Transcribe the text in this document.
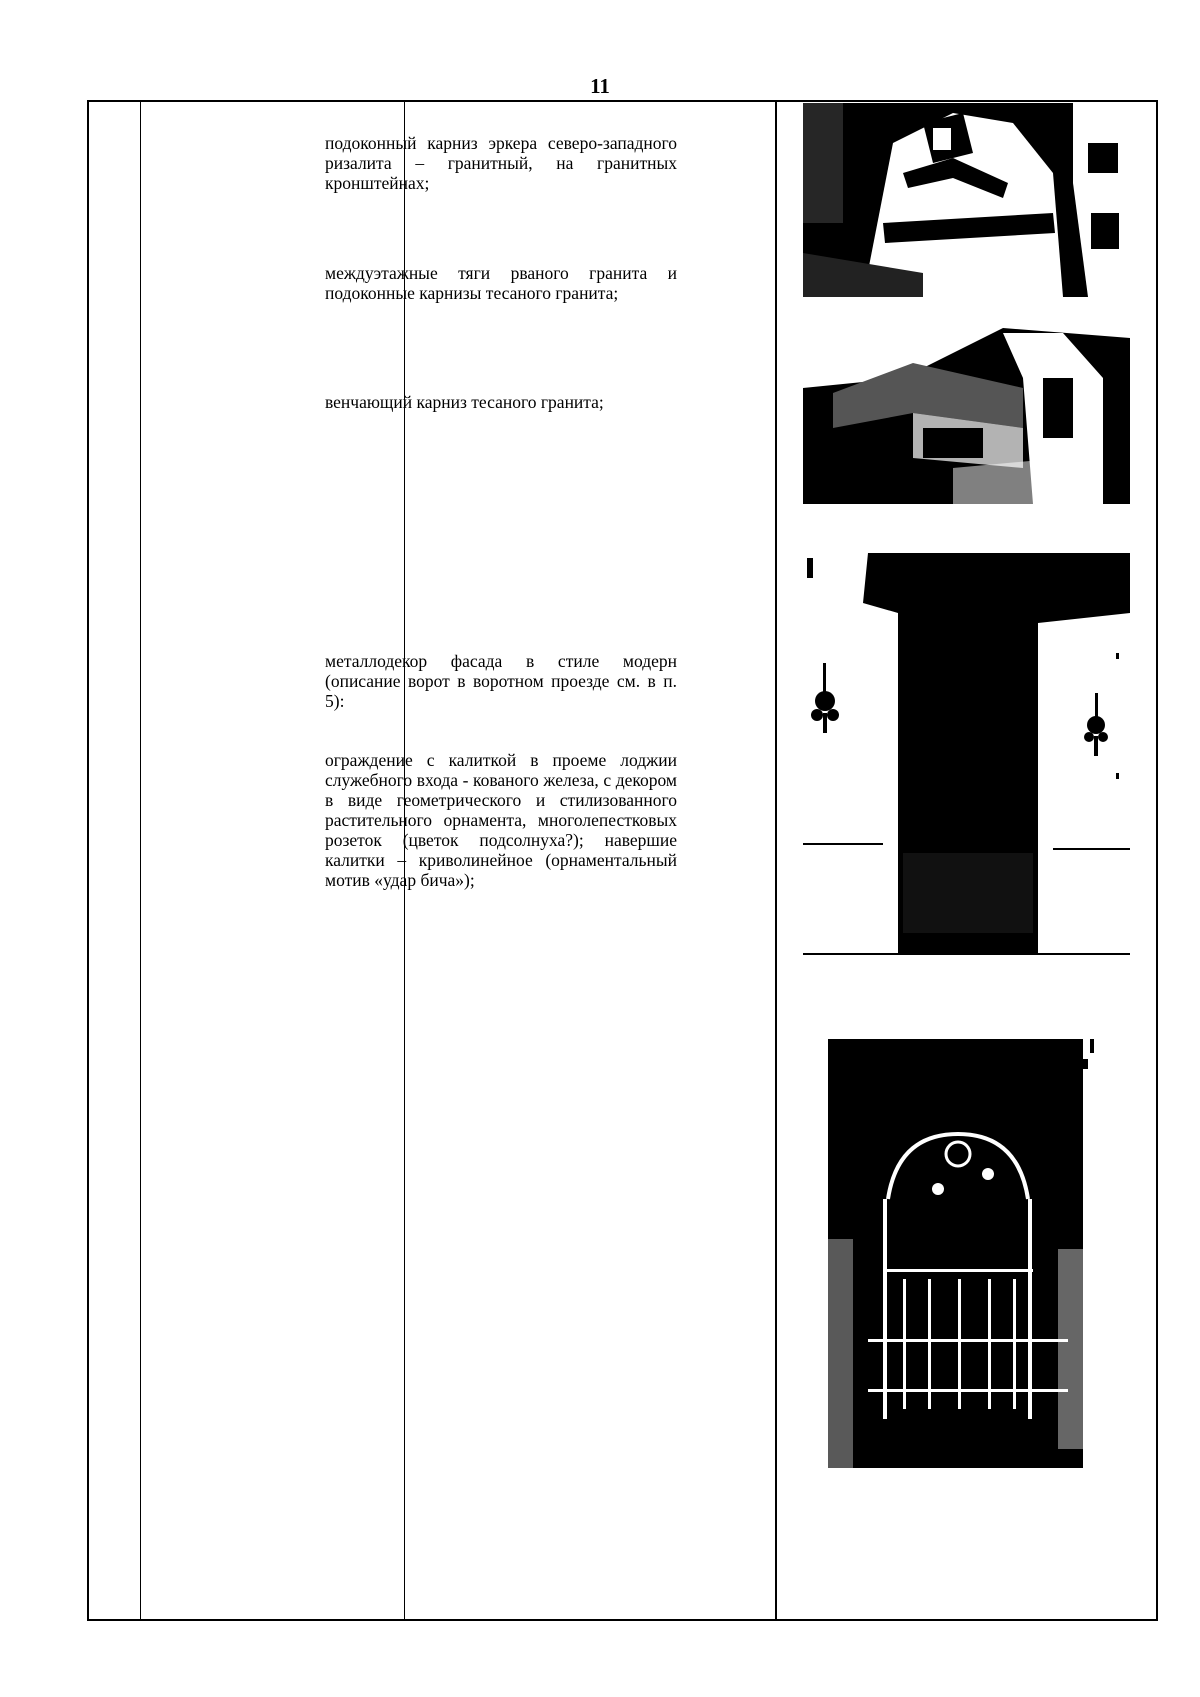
11

подоконный карниз эркера северо-западного ризалита – гранитный, на гранитных кронштейнах;

междуэтажные тяги рваного гранита и подоконные карнизы тесаного гранита;

венчающий карниз тесаного гранита;

металлодекор фасада в стиле модерн (описание ворот в воротном проезде см. в п. 5):

ограждение с калиткой в проеме лоджии служебного входа - кованого железа, с декором в виде геометрического и стилизованного растительного орнамента, многолепестковых розеток (цветок подсолнуха?); навершие калитки – криволинейное (орнаментальный мотив «удар бича»);
